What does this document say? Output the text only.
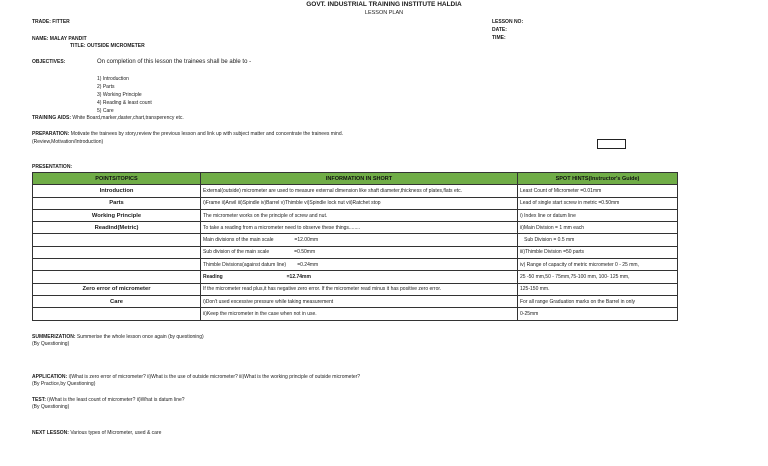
GOVT. INDUSTRIAL TRAINING INSTITUTE HALDIA
LESSON PLAN
TRADE: FITTER
NAME: MALAY PANDIT
TITLE: OUTSIDE MICROMETER
LESSON NO:
DATE:
TIME:
OBJECTIVES:	On completion of this lesson the trainees shall be able to -
1) Introduction
2) Parts
3) Working Principle
4) Reading & least count
5) Care
TRAINING AIDS: White Board,marker,daster,chart,transperency etc.
PREPARATION: Motivate the trainees by story,review the previous lesson and link up with subject matter and concentrate the trainees mind.
(Review,Motivation/Introduction)
PRESENTATION:
POINTS/TOPICS	INFORMATION IN SHORT	SPOT HINTS(Instructor's Guide)
Introduction	External(outside) micrometer are used to measure external dimension like shaft diameter,thickness of plates,flats etc.	Least Count of Micrometer =0.01mm
Parts	i)Frame ii)Anvil iii)Spindle iv)Barrel v)Thimble vi)Spindle lock nut vii)Ratchet stop	Lead of single start screw in metric =0.50mm
Working Principle	The micrometer works on the principle of screw and nut.	i) Index line or datum line
Readind(Metric)	To take a reading from a micrometer need to observe these things........	ii)Main Division = 1 mm each
	Main divisions of the main scale               =12.00mm	Sub Division = 0.5 mm
	Sub division of the main scale                  =0.50mm	iii)Thimble Division =50 parts
	Thimble Divisions(against datum line)        =0.24mm	iv) Range of capacity of metric micrometer 0 - 25 mm,
	Reading                                              =12.74mm	25 -50 mm,50 - 75mm,75-100 mm, 100- 125 mm,
Zero error of micrometer	If the micrometer read plus,it has negative zero error. If the micrometer read minus it has positive zero error.	125-150 mm.
Care	i)Don't used excessive pressure while taking measurement	For all range Graduation marks on the Barrel in only
	ii)Keep the micrometer in the case when not in use.	0-25mm
SUMMERIZATION: Summerise the whole lesson once again (by questioning)
(By Questioning)
APPLICATION: i)What is zero error of micrometer? ii)What is the use of outside micrometer? iii)What is the working principle of outside micrometer?
(By Practice,by Questioning)
TEST: i)What is the least count of micrometer? ii)What is datum line?
(By Questioning)
NEXT LESSON: Various types of Micrometer, used & care
